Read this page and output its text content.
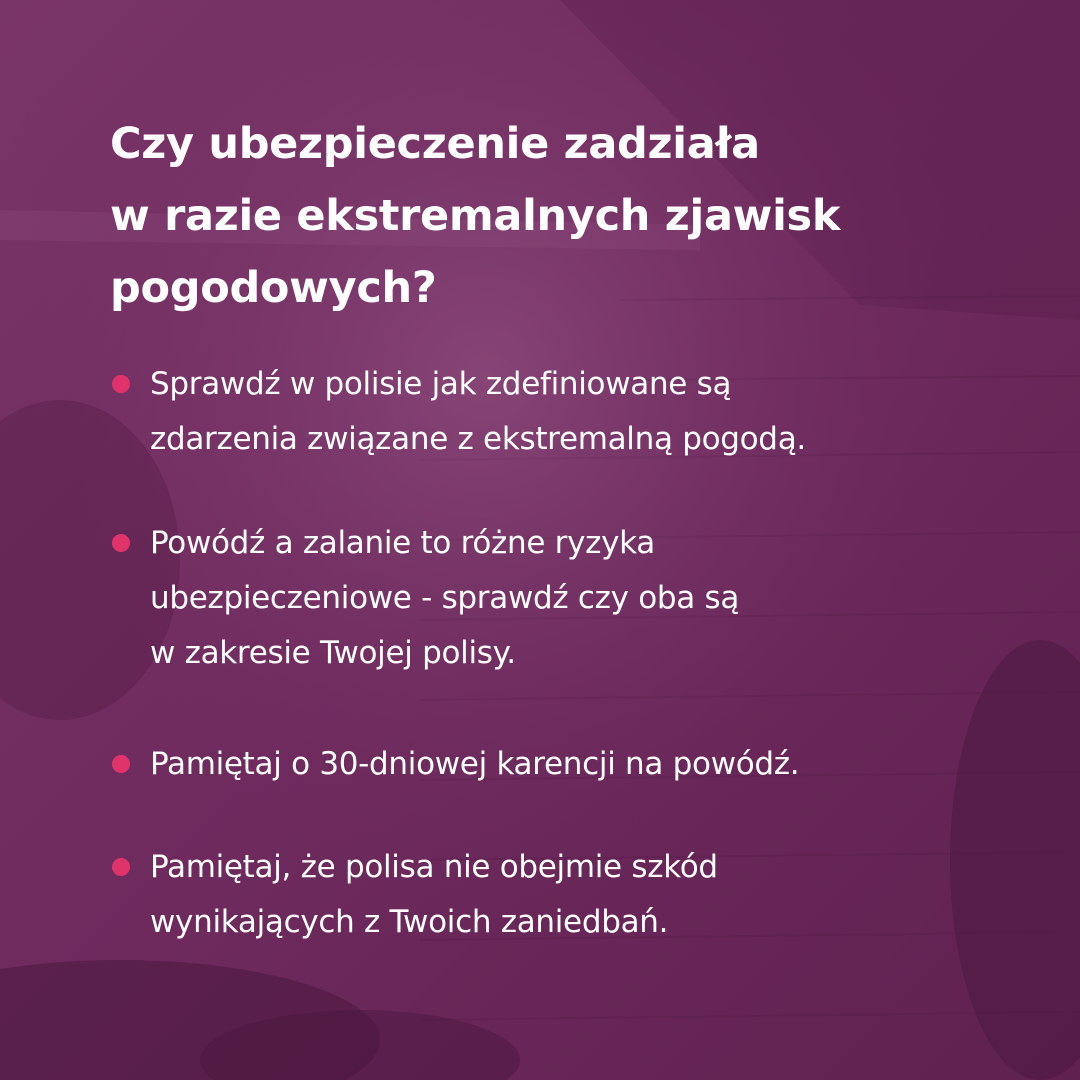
Czy ubezpieczenie zadziała
w razie ekstremalnych zjawisk
pogodowych?
Sprawdź w polisie jak zdefiniowane są
zdarzenia związane z ekstremalną pogodą.
Powódź a zalanie to różne ryzyka
ubezpieczeniowe - sprawdź czy oba są
w zakresie Twojej polisy.
Pamiętaj o 30-dniowej karencji na powódź.
Pamiętaj, że polisa nie obejmie szkód
wynikających z Twoich zaniedbań.
